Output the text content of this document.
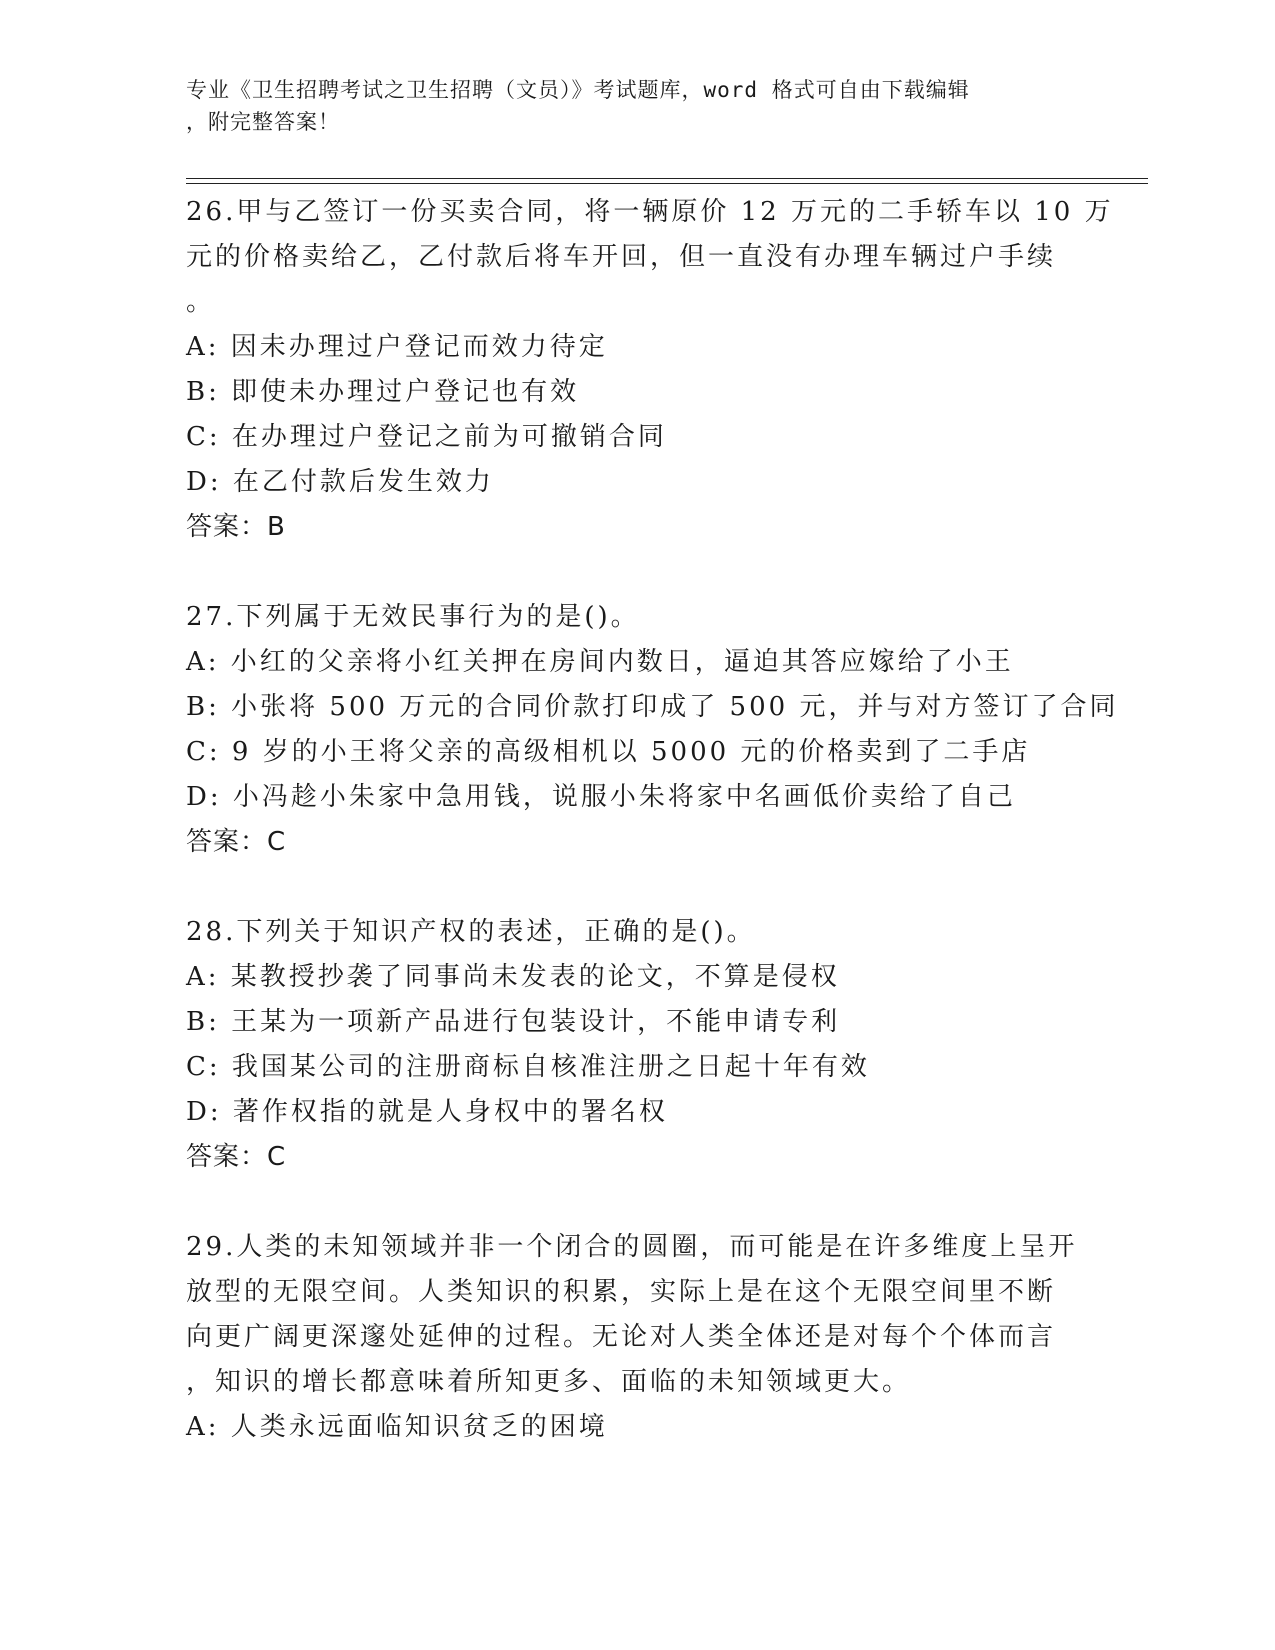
专业《卫生招聘考试之卫生招聘（文员）》考试题库，word 格式可自由下载编辑

，附完整答案！

26.甲与乙签订一份买卖合同，将一辆原价 12 万元的二手轿车以 10 万
元的价格卖给乙，乙付款后将车开回，但一直没有办理车辆过户手续
。
A: 因未办理过户登记而效力待定
B: 即使未办理过户登记也有效
C: 在办理过户登记之前为可撤销合同
D: 在乙付款后发生效力
答案：B
27.下列属于无效民事行为的是()。
A: 小红的父亲将小红关押在房间内数日，逼迫其答应嫁给了小王
B: 小张将 500 万元的合同价款打印成了 500 元，并与对方签订了合同
C: 9 岁的小王将父亲的高级相机以 5000 元的价格卖到了二手店
D: 小冯趁小朱家中急用钱，说服小朱将家中名画低价卖给了自己
答案：C
28.下列关于知识产权的表述，正确的是()。
A: 某教授抄袭了同事尚未发表的论文，不算是侵权
B: 王某为一项新产品进行包装设计，不能申请专利
C: 我国某公司的注册商标自核准注册之日起十年有效
D: 著作权指的就是人身权中的署名权
答案：C
29.人类的未知领域并非一个闭合的圆圈，而可能是在许多维度上呈开
放型的无限空间。人类知识的积累，实际上是在这个无限空间里不断
向更广阔更深邃处延伸的过程。无论对人类全体还是对每个个体而言
，知识的增长都意味着所知更多、面临的未知领域更大。
A: 人类永远面临知识贫乏的困境
